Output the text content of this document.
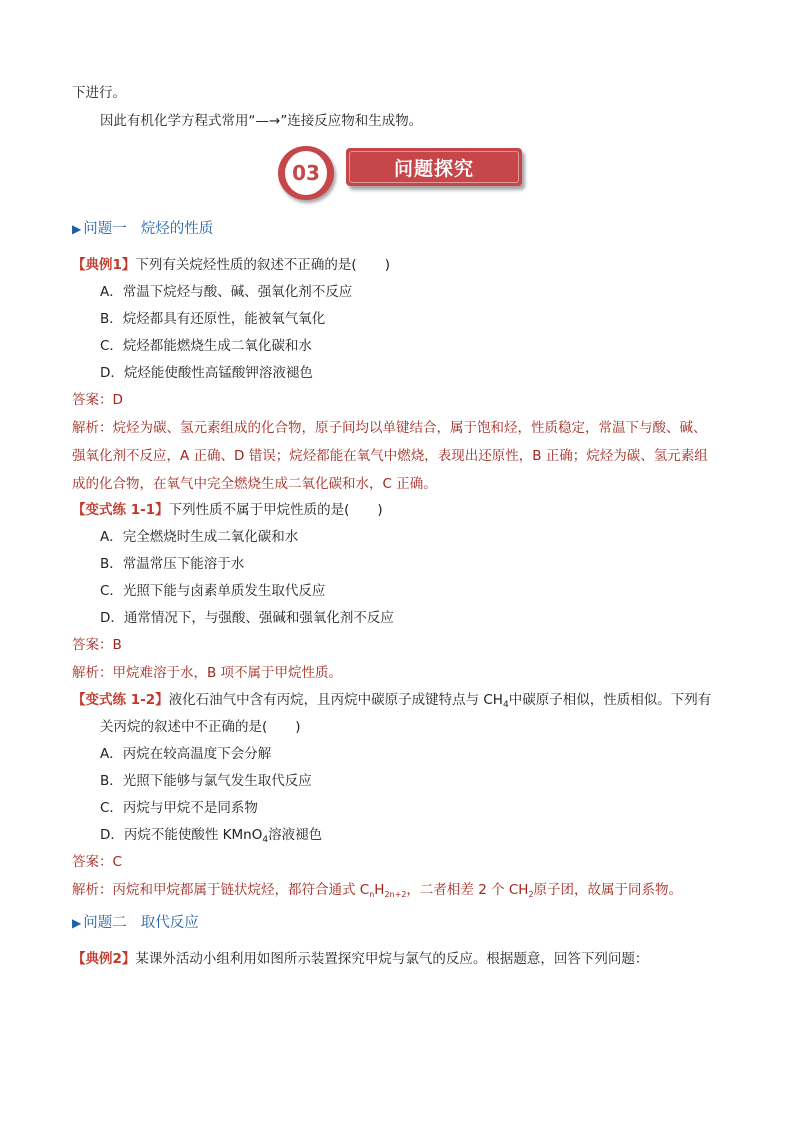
下进行。
因此有机化学方程式常用“—→”连接反应物和生成物。
03	问题探究
▶ 问题一 烷烃的性质
【典例1】下列有关烷烃性质的叙述不正确的是( )
A．常温下烷烃与酸、碱、强氧化剂不反应
B．烷烃都具有还原性，能被氧气氧化
C．烷烃都能燃烧生成二氧化碳和水
D．烷烃能使酸性高锰酸钾溶液褪色
答案：D
解析：烷烃为碳、氢元素组成的化合物，原子间均以单键结合，属于饱和烃，性质稳定，常温下与酸、碱、
强氧化剂不反应，A 正确、D 错误；烷烃都能在氧气中燃烧，表现出还原性，B 正确；烷烃为碳、氢元素组
成的化合物，在氧气中完全燃烧生成二氧化碳和水，C 正确。
【变式练 1-1】下列性质不属于甲烷性质的是( )
A．完全燃烧时生成二氧化碳和水
B．常温常压下能溶于水
C．光照下能与卤素单质发生取代反应
D．通常情况下，与强酸、强碱和强氧化剂不反应
答案：B
解析：甲烷难溶于水，B 项不属于甲烷性质。
【变式练 1-2】液化石油气中含有丙烷，且丙烷中碳原子成键特点与 $CH_4$中碳原子相似，性质相似。下列有
关丙烷的叙述中不正确的是( )
A．丙烷在较高温度下会分解
B．光照下能够与氯气发生取代反应
C．丙烷与甲烷不是同系物
D．丙烷不能使酸性 KMnO$_4$溶液褪色
答案：C
解析：丙烷和甲烷都属于链状烷烃，都符合通式 $C_nH_{2n+2}$，二者相差 2 个 $CH_2$原子团，故属于同系物。
▶ 问题二 取代反应
【典例2】某课外活动小组利用如图所示装置探究甲烷与氯气的反应。根据题意，回答下列问题：
